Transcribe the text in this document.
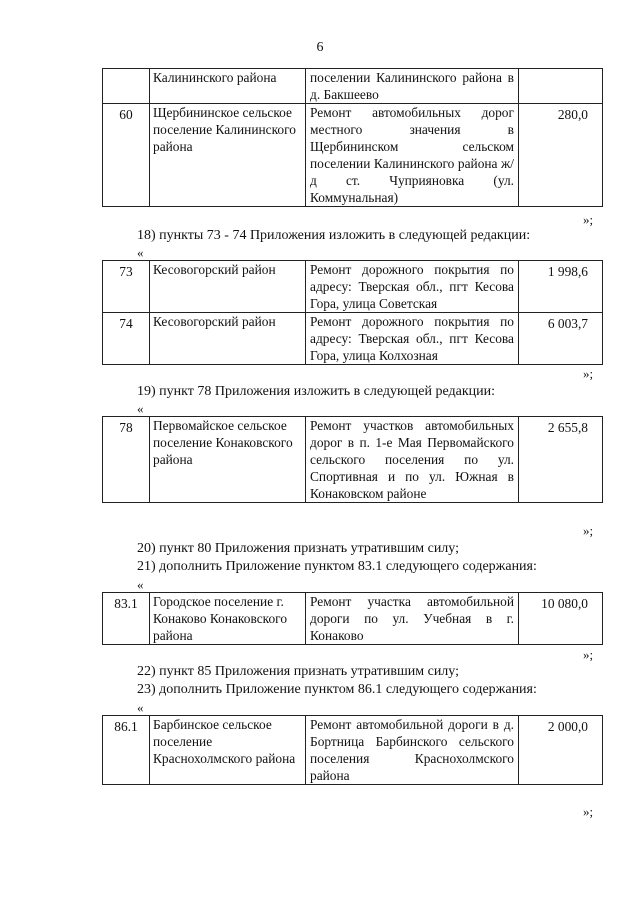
6
	Калининского района	поселении Калининского района в д. Бакшеево	
60	Щербининское сельское поселение Калининского района	Ремонт автомобильных дорог местного значения в Щербининском сельском поселении Калининского района ж/д ст. Чуприяновка (ул. Коммунальная)	280,0
»;
18) пункты 73 - 74 Приложения изложить в следующей редакции:
«
73	Кесовогорский район	Ремонт дорожного покрытия по адресу: Тверская обл., пгт Кесова Гора, улица Советская	1 998,6
74	Кесовогорский район	Ремонт дорожного покрытия по адресу: Тверская обл., пгт Кесова Гора, улица Колхозная	6 003,7
»;
19) пункт 78 Приложения изложить в следующей редакции:
«
78	Первомайское сельское поселение Конаковского района	Ремонт участков автомобильных дорог в п. 1-е Мая Первомайского сельского поселения по ул. Спортивная и по ул. Южная в Конаковском районе	2 655,8
»;
20) пункт 80 Приложения признать утратившим силу;
21) дополнить Приложение пунктом 83.1 следующего содержания:
«
83.1	Городское поселение г. Конаково Конаковского района	Ремонт участка автомобильной дороги по ул. Учебная в г. Конаково	10 080,0
»;
22) пункт 85 Приложения признать утратившим силу;
23) дополнить Приложение пунктом 86.1 следующего содержания:
«
86.1	Барбинское сельское поселение Краснохолмского района	Ремонт автомобильной дороги в д. Бортница Барбинского сельского поселения Краснохолмского района	2 000,0
»;
